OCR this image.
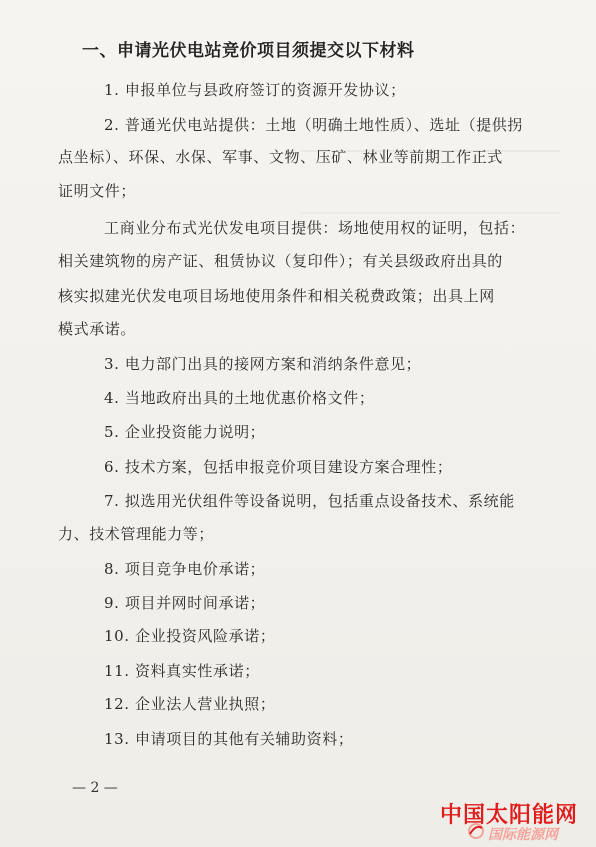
一、申请光伏电站竞价项目须提交以下材料
1. 申报单位与县政府签订的资源开发协议；
2. 普通光伏电站提供：土地（明确土地性质）、选址（提供拐
点坐标）、环保、水保、军事、文物、压矿、林业等前期工作正式
证明文件；
工商业分布式光伏发电项目提供：场地使用权的证明，包括：
相关建筑物的房产证、租赁协议（复印件）；有关县级政府出具的
核实拟建光伏发电项目场地使用条件和相关税费政策；出具上网
模式承诺。
3. 电力部门出具的接网方案和消纳条件意见；
4. 当地政府出具的土地优惠价格文件；
5. 企业投资能力说明；
6. 技术方案，包括申报竞价项目建设方案合理性；
7. 拟选用光伏组件等设备说明，包括重点设备技术、系统能
力、技术管理能力等；
8. 项目竞争电价承诺；
9. 项目并网时间承诺；
10. 企业投资风险承诺；
11. 资料真实性承诺；
12. 企业法人营业执照；
13. 申请项目的其他有关辅助资料；
— 2 —
中国太阳能网
国际能源网
